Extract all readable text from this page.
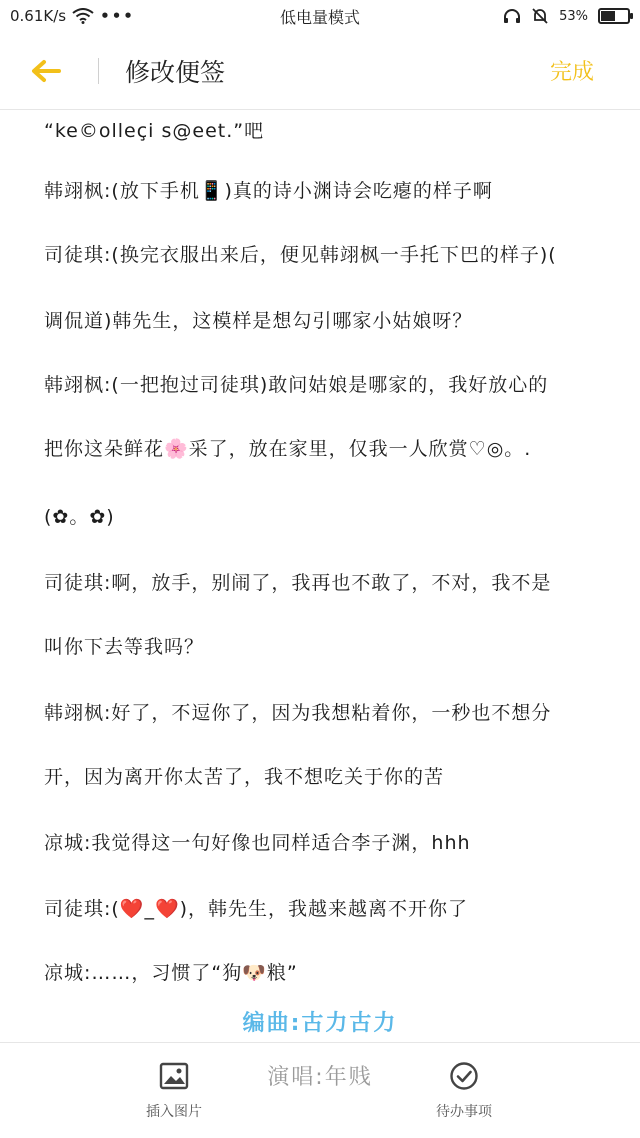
0.61K/s •••	低电量模式	53%
修改便签	完成
“ke©olleçi s@eet.”吧
韩翊枫:(放下手机📱)真的诗小渊诗会吃瘪的样子啊
司徒琪:(换完衣服出来后，便见韩翊枫一手托下巴的样子)(
调侃道)韩先生，这模样是想勾引哪家小姑娘呀？
韩翊枫:(一把抱过司徒琪)敢问姑娘是哪家的，我好放心的
把你这朵鲜花🌸采了，放在家里，仅我一人欣赏♡◎。.
(✿。✿)
司徒琪:啊，放手，别闹了，我再也不敢了，不对，我不是
叫你下去等我吗？
韩翊枫:好了，不逗你了，因为我想粘着你，一秒也不想分
开，因为离开你太苦了，我不想吃关于你的苦
凉城:我觉得这一句好像也同样适合李子渊，hhh
司徒琪:(❤️_❤️)，韩先生，我越来越离不开你了
凉城:……，习惯了“狗🐶粮”
插入图片	待办事项
编曲:古力古力
演唱:年贱
